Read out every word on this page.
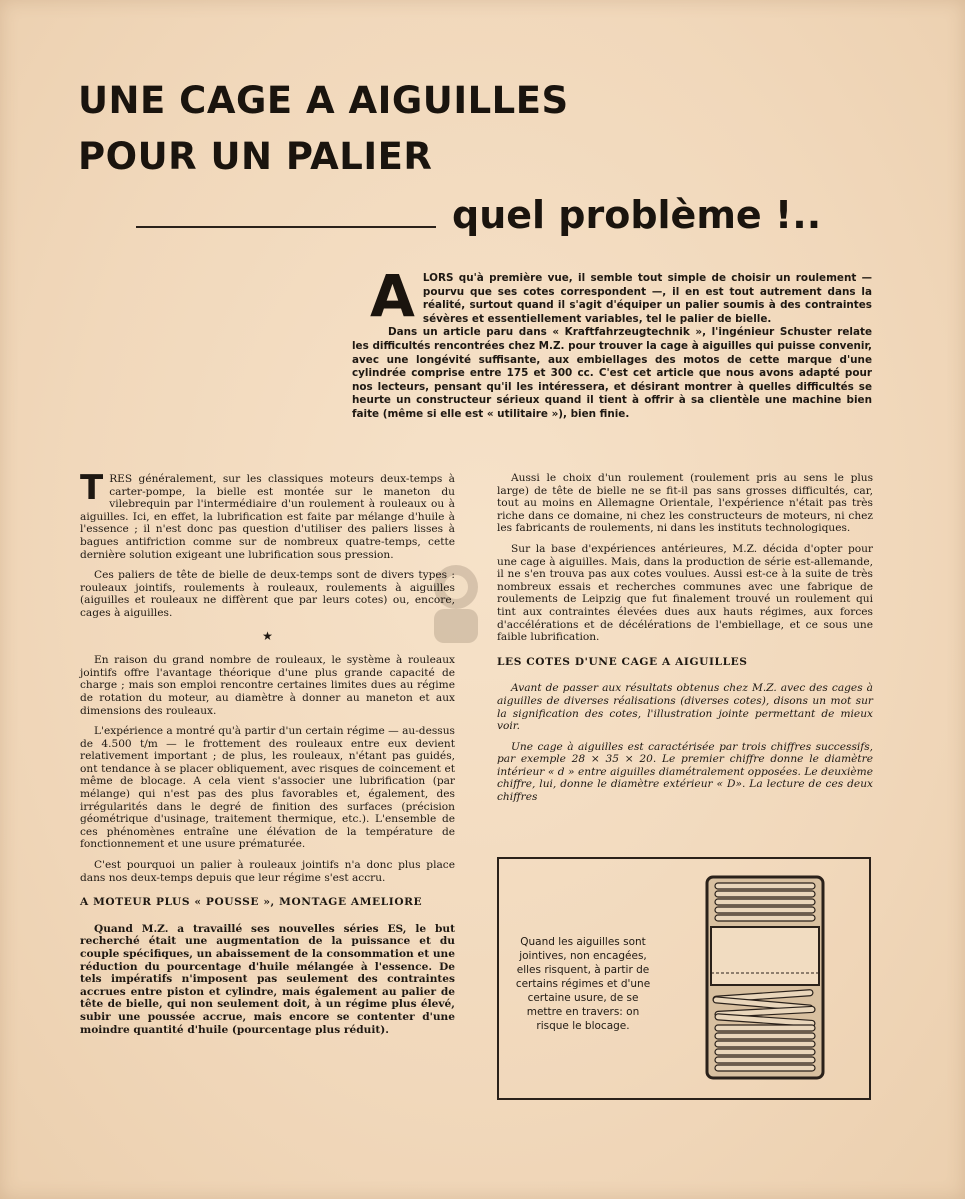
UNE CAGE A AIGUILLES
POUR UN PALIER
quel problème !..
A LORS qu'à première vue, il semble tout simple de choisir un roulement — pourvu que ses cotes correspondent —, il en est tout autrement dans la réalité, surtout quand il s'agit d'équiper un palier soumis à des contraintes sévères et essentiellement variables, tel le palier de bielle.

Dans un article paru dans « Kraftfahrzeugtechnik », l'ingénieur Schuster relate les difficultés rencontrées chez M.Z. pour trouver la cage à aiguilles qui puisse convenir, avec une longévité suffisante, aux embiellages des motos de cette marque d'une cylindrée comprise entre 175 et 300 cc. C'est cet article que nous avons adapté pour nos lecteurs, pensant qu'il les intéressera, et désirant montrer à quelles difficultés se heurte un constructeur sérieux quand il tient à offrir à sa clientèle une machine bien faite (même si elle est « utilitaire »), bien finie.

TRES généralement, sur les classiques moteurs deux-temps à carter-pompe, la bielle est montée sur le maneton du vilebrequin par l'intermédiaire d'un roulement à rouleaux ou à aiguilles. Ici, en effet, la lubrification est faite par mélange d'huile à l'essence ; il n'est donc pas question d'utiliser des paliers lisses à bagues antifriction comme sur de nombreux quatre-temps, cette dernière solution exigeant une lubrification sous pression.

Ces paliers de tête de bielle de deux-temps sont de divers types : rouleaux jointifs, roulements à rouleaux, roulements à aiguilles (aiguilles et rouleaux ne diffèrent que par leurs cotes) ou, encore, cages à aiguilles.

★

En raison du grand nombre de rouleaux, le système à rouleaux jointifs offre l'avantage théorique d'une plus grande capacité de charge ; mais son emploi rencontre certaines limites dues au régime de rotation du moteur, au diamètre à donner au maneton et aux dimensions des rouleaux.

L'expérience a montré qu'à partir d'un certain régime — au-dessus de 4.500 t/m — le frottement des rouleaux entre eux devient relativement important ; de plus, les rouleaux, n'étant pas guidés, ont tendance à se placer obliquement, avec risques de coincement et même de blocage. A cela vient s'associer une lubrification (par mélange) qui n'est pas des plus favorables et, également, des irrégularités dans le degré de finition des surfaces (précision géométrique d'usinage, traitement thermique, etc.). L'ensemble de ces phénomènes entraîne une élévation de la température de fonctionnement et une usure prématurée.

C'est pourquoi un palier à rouleaux jointifs n'a donc plus place dans nos deux-temps depuis que leur régime s'est accru.

A MOTEUR PLUS « POUSSE », MONTAGE AMELIORE

Quand M.Z. a travaillé ses nouvelles séries ES, le but recherché était une augmentation de la puissance et du couple spécifiques, un abaissement de la consommation et une réduction du pourcentage d'huile mélangée à l'essence. De tels impératifs n'imposent pas seulement des contraintes accrues entre piston et cylindre, mais également au palier de tête de bielle, qui non seulement doit, à un régime plus élevé, subir une poussée accrue, mais encore se contenter d'une moindre quantité d'huile (pourcentage plus réduit).

Aussi le choix d'un roulement (roulement pris au sens le plus large) de tête de bielle ne se fit-il pas sans grosses difficultés, car, tout au moins en Allemagne Orientale, l'expérience n'était pas très riche dans ce domaine, ni chez les constructeurs de moteurs, ni chez les fabricants de roulements, ni dans les instituts technologiques.

Sur la base d'expériences antérieures, M.Z. décida d'opter pour une cage à aiguilles. Mais, dans la production de série est-allemande, il ne s'en trouva pas aux cotes voulues. Aussi est-ce à la suite de très nombreux essais et recherches communes avec une fabrique de roulements de Leipzig que fut finalement trouvé un roulement qui tint aux contraintes élevées dues aux hauts régimes, aux forces d'accélérations et de décélérations de l'embiellage, et ce sous une faible lubrification.

LES COTES D'UNE CAGE A AIGUILLES

Avant de passer aux résultats obtenus chez M.Z. avec des cages à aiguilles de diverses réalisations (diverses cotes), disons un mot sur la signification des cotes, l'illustration jointe permettant de mieux voir.

Une cage à aiguilles est caractérisée par trois chiffres successifs, par exemple 28 × 35 × 20. Le premier chiffre donne le diamètre intérieur « d » entre aiguilles diamétralement opposées. Le deuxième chiffre, lui, donne le diamètre extérieur « D». La lecture de ces deux chiffres

Quand les aiguilles sont jointives, non encagées, elles risquent, à partir de certains régimes et d'une certaine usure, de se mettre en travers: on risque le blocage.
